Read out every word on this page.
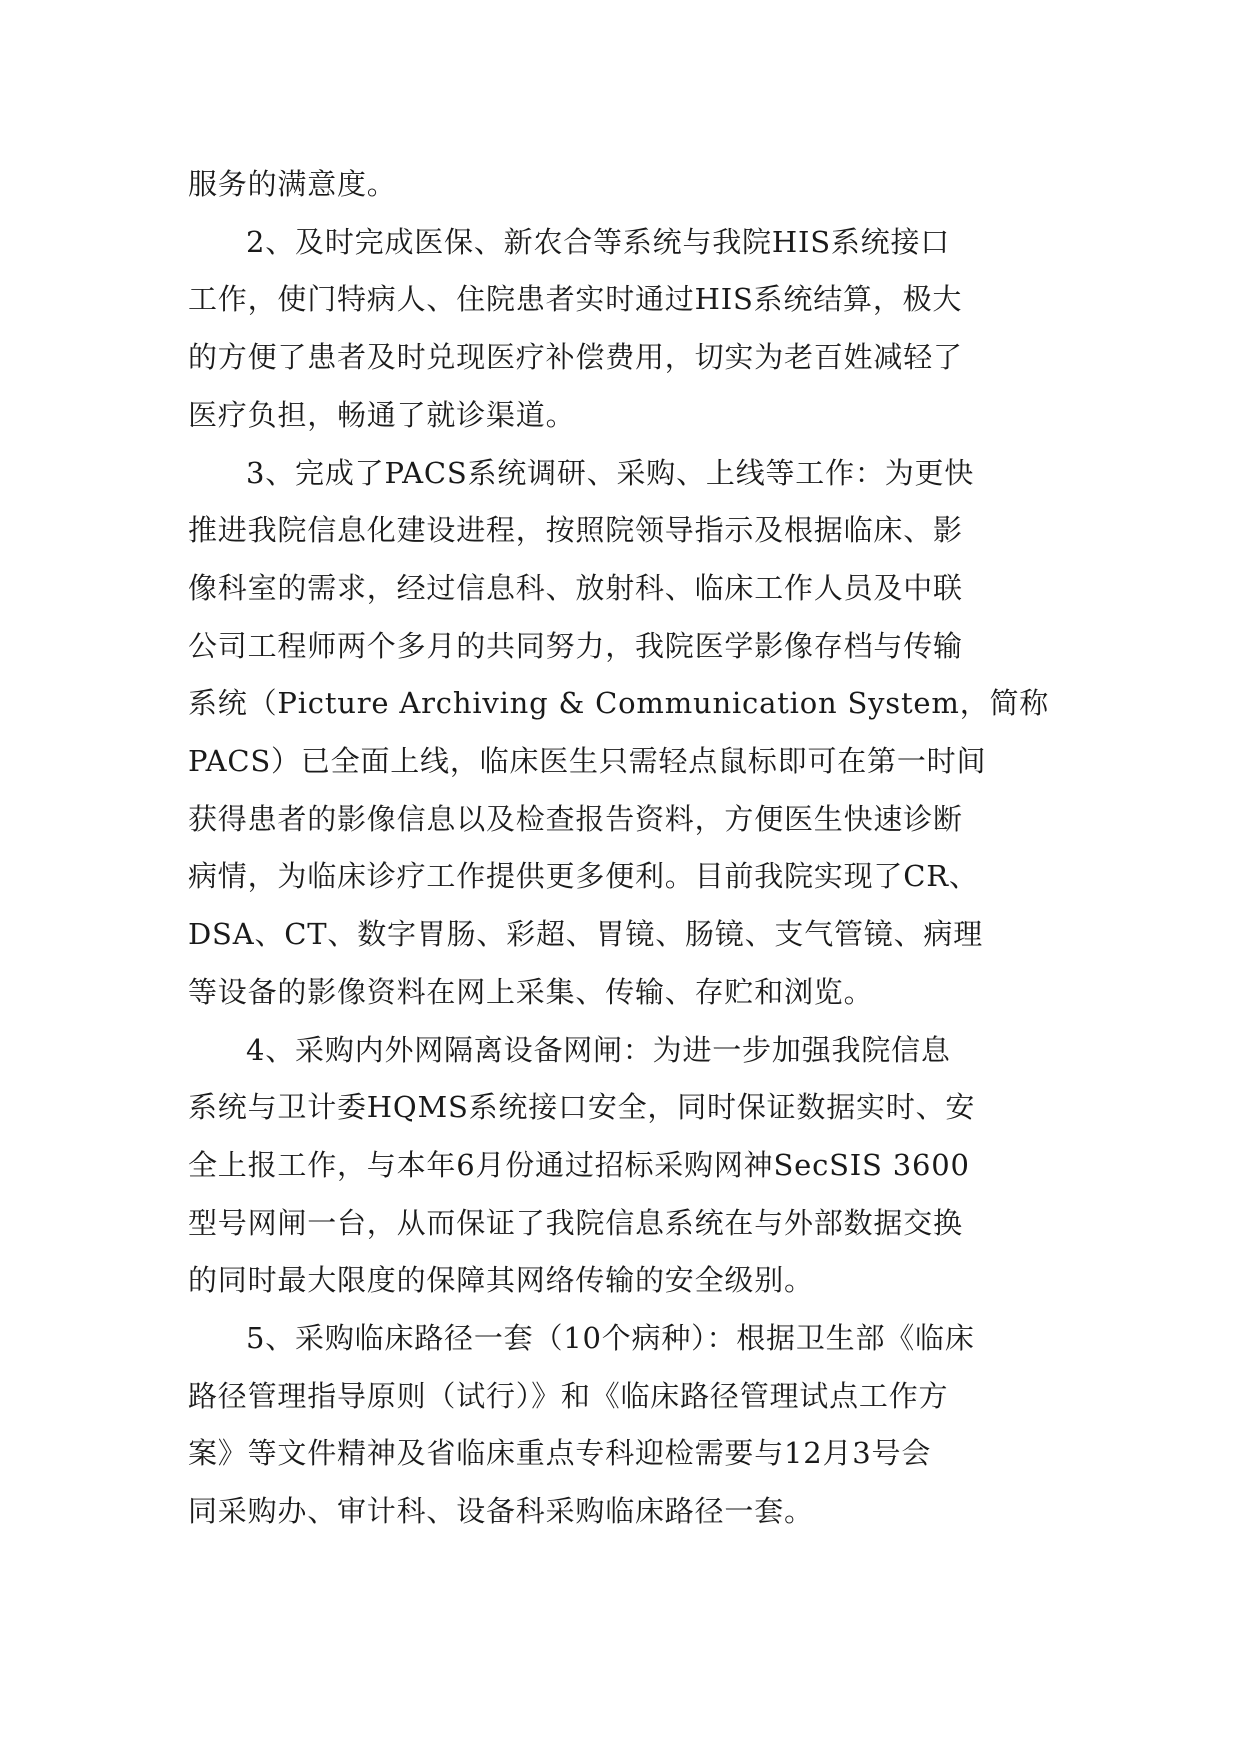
服务的满意度。

2、及时完成医保、新农合等系统与我院HIS系统接口
工作，使门特病人、住院患者实时通过HIS系统结算，极大
的方便了患者及时兑现医疗补偿费用，切实为老百姓减轻了
医疗负担，畅通了就诊渠道。

3、完成了PACS系统调研、采购、上线等工作：为更快
推进我院信息化建设进程，按照院领导指示及根据临床、影
像科室的需求，经过信息科、放射科、临床工作人员及中联
公司工程师两个多月的共同努力，我院医学影像存档与传输
系统（Picture Archiving & Communication System，简称
PACS）已全面上线，临床医生只需轻点鼠标即可在第一时间
获得患者的影像信息以及检查报告资料，方便医生快速诊断
病情，为临床诊疗工作提供更多便利。目前我院实现了CR、
DSA、CT、数字胃肠、彩超、胃镜、肠镜、支气管镜、病理
等设备的影像资料在网上采集、传输、存贮和浏览。

4、采购内外网隔离设备网闸：为进一步加强我院信息
系统与卫计委HQMS系统接口安全，同时保证数据实时、安
全上报工作，与本年6月份通过招标采购网神SecSIS 3600
型号网闸一台，从而保证了我院信息系统在与外部数据交换
的同时最大限度的保障其网络传输的安全级别。

5、采购临床路径一套（10个病种）：根据卫生部《临床
路径管理指导原则（试行）》和《临床路径管理试点工作方
案》等文件精神及省临床重点专科迎检需要与12月3号会
同采购办、审计科、设备科采购临床路径一套。
